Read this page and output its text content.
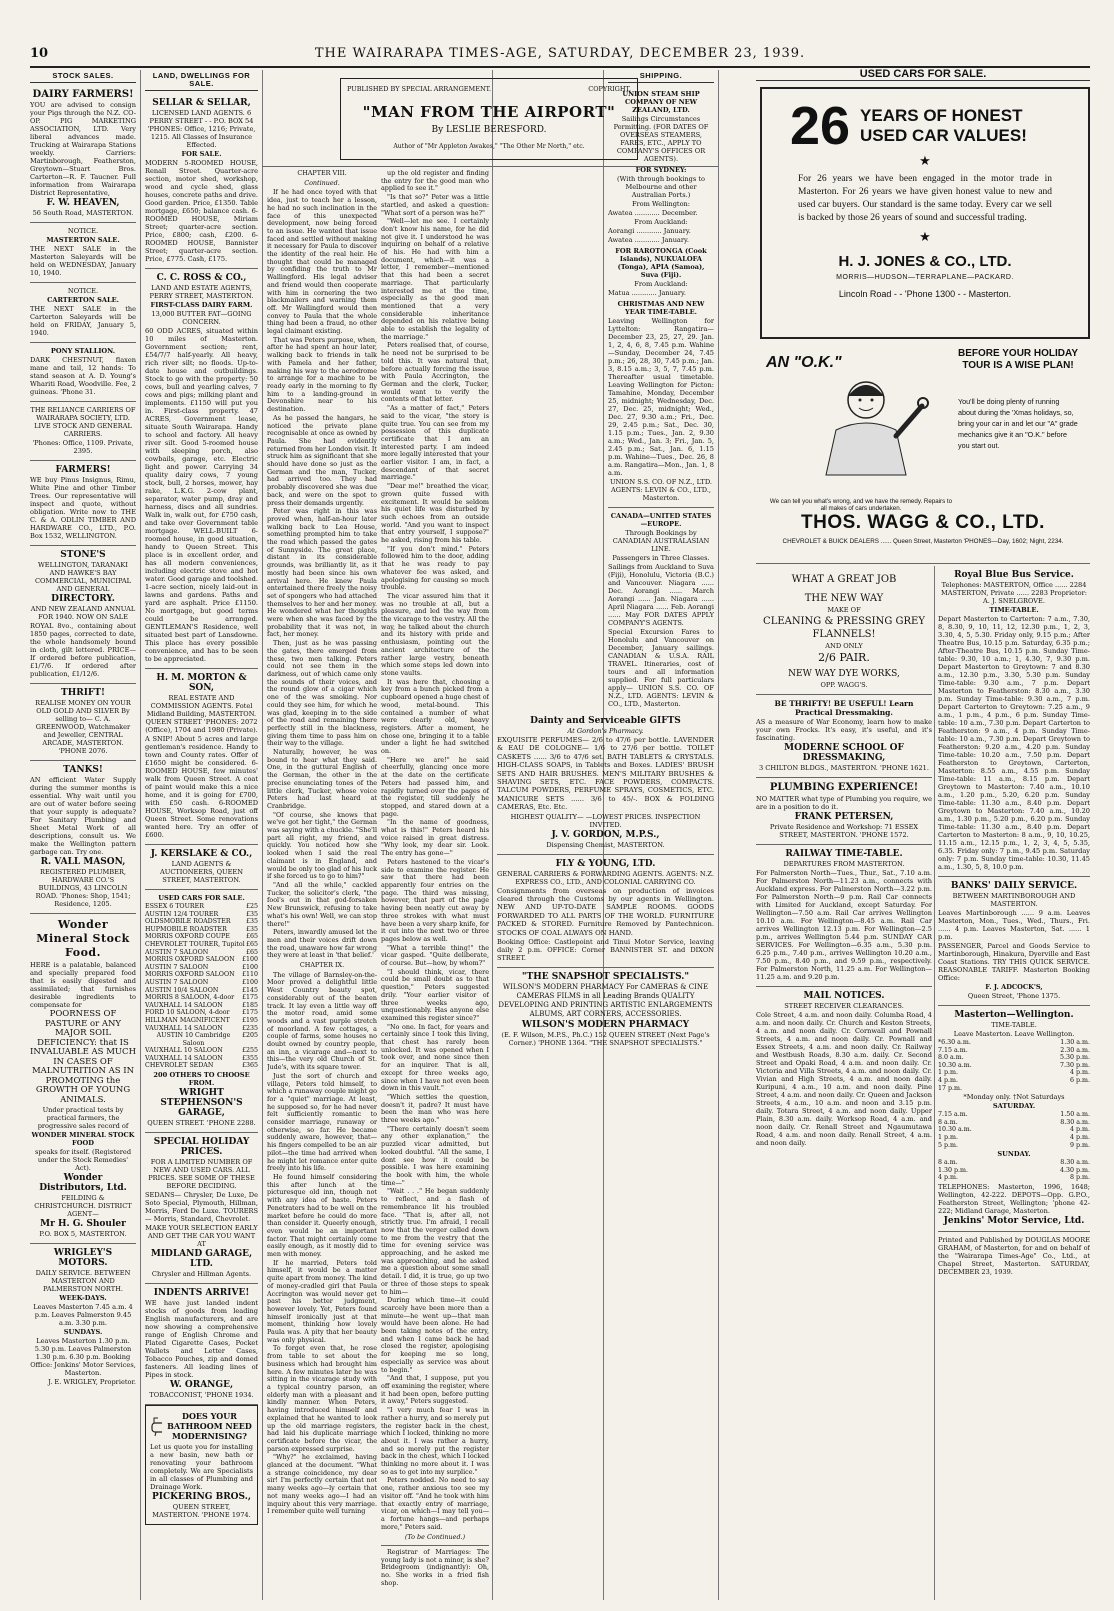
10	THE WAIRARAPA TIMES-AGE, SATURDAY, DECEMBER 23, 1939.
STOCK SALES.

DAIRY FARMERS!

YOU are advised to consign your Pigs through the N.Z. CO-OP. PIG MARKETING ASSOCIATION, LTD. Very liberal advances made. Trucking at Wairarapa Stations weekly. Carriers: Martinborough, Featherston, Greytown—Stuart Bros. Carterton—R. F. Taucner. Full information from Wairarapa District Representative,

F. W. HEAVEN,

56 South Road, MASTERTON.

NOTICE.

MASTERTON SALE.

THE NEXT SALE in the Masterton Saleyards will be held on WEDNESDAY, January 10, 1940.

NOTICE.

CARTERTON SALE.

THE NEXT SALE in the Carterton Saleyards will be held on FRIDAY, January 5, 1940.

PONY STALLION.

DARK CHESTNUT, flaxen mane and tail, 12 hands: To stand season at A. D. Young's Whariti Road, Woodville. Fee, 2 guineas. 'Phone 31.

THE RELIANCE CARRIERS OF WAIRARAPA SOCIETY, LTD. LIVE STOCK AND GENERAL CARRIERS.

'Phones: Office, 1109. Private, 2395.

FARMERS!

WE buy Pinus Insignus, Rimu, White Pine and other Timber Trees. Our representative will inspect and quote, without obligation. Write now to THE C. & A. ODLIN TIMBER AND HARDWARE CO., LTD., P.O. Box 1532, WELLINGTON.

STONE'S

WELLINGTON, TARANAKI AND HAWKE'S BAY COMMERCIAL, MUNICIPAL AND GENERAL

DIRECTORY.

AND NEW ZEALAND ANNUAL FOR 1940. NOW ON SALE

ROYAL 8vo., containing about 1850 pages, corrected to date, the whole handsomely bound in cloth, gilt lettered. PRICE— If ordered before publication, £1/7/6. If ordered after publication, £1/12/6.

THRIFT!

REALISE MONEY ON YOUR OLD GOLD AND SILVER By selling to— C. A. GREENWOOD, Watchmaker and Jeweller, CENTRAL ARCADE, MASTERTON. 'PHONE 2076.

TANKS!

AN efficient Water Supply during the summer months is essential. Why wait until you are out of water before seeing that your supply is adequate? For Sanitary Plumbing and Sheet Metal Work of all descriptions, consult us. We make the Wellington pattern garbage can. Try one.

R. VALL MASON,

REGISTERED PLUMBER, HARDWARE CO.'S BUILDINGS, 43 LINCOLN ROAD. 'Phones: Shop, 1541; Residence, 1205.

Wonder Mineral Stock Food.

HERE is a palatable, balanced and specially prepared food that is easily digested and assimilated; that furnishes desirable ingredients to compensate for

POORNESS OF PASTURE or ANY MAJOR SOIL DEFICIENCY: that IS INVALUABLE AS MUCH IN CASES OF MALNUTRITION AS IN PROMOTING the GROWTH OF YOUNG ANIMALS.

Under practical tests by practical farmers, the progressive sales record of

WONDER MINERAL STOCK FOOD

speaks for itself. (Registered under the Stock Remedies' Act).

Wonder Distributors, Ltd.

FEILDING & CHRISTCHURCH. DISTRICT AGENT—

Mr H. G. Shouler

P.O. BOX 5, MASTERTON.

WRIGLEY'S MOTORS.

DAILY SERVICE. BETWEEN MASTERTON AND PALMERSTON NORTH.

WEEK-DAYS.

Leaves Masterton 7.45 a.m. 4 p.m. Leaves Palmerston 9.45 a.m. 3.30 p.m.

SUNDAYS.

Leaves Masterton 1.30 p.m. 5.30 p.m. Leaves Palmerston 1.30 p.m. 6.30 p.m. Booking Office: Jenkins' Motor Services, Masterton.

J. E. WRIGLEY, Proprietor.

LAND, DWELLINGS FOR SALE.

SELLAR & SELLAR,

LICENSED LAND AGENTS. 6 PERRY STREET - - P.O. BOX 54 'PHONES: Office, 1216; Private, 1215. All Classes of Insurance Effected.

FOR SALE.

MODERN 5-ROOMED HOUSE, Renall Street. Quarter-acre section, motor shed, workshop, wood and cycle shed, glass houses, concrete paths and drive. Good garden. Price, £1350. Table mortgage, £650; balance cash. 6-ROOMED HOUSE, Miriam Street; quarter-acre section. Price, £800; cash, £200. 6-ROOMED HOUSE, Bannister Street; quarter-acre section. Price, £775. Cash, £175.

C. C. ROSS & CO.,

LAND AND ESTATE AGENTS, PERRY STREET, MASTERTON.

FIRST-CLASS DAIRY FARM.

13,000 BUTTER FAT—GOING CONCERN.

60 ODD ACRES, situated within 10 miles of Masterton. Government section; rent, £54/7/7 half-yearly. All heavy, rich river silt; no floods. Up-to-date house and outbuildings. Stock to go with the property: 50 cows, bull and yearling calves, 7 cows and pigs; milking plant and implements. £1150 will put you in. First-class property. 47 ACRES, Government lease, situate South Wairarapa. Handy to school and factory. All heavy river silt. Good 5-roomed house with sleeping porch, also cowbails, garage, etc. Electric light and power. Carrying 34 quality dairy cows, 7 young stock, bull, 2 horses, mower, hay rake, L.K.G. 2-cow plant, separator, water pump, dray and harness, discs and all sundries. Walk in, walk out, for £750 cash, and take over Government table mortgage. WELL-BUILT 6-roomed house, in good situation, handy to Queen Street. This place is in excellent order, and has all modern conveniences, including electric stove and hot water. Good garage and toolshed. 1-acre section, nicely laid-out in lawns and gardens. Paths and yard are asphalt. Price £1150. No mortgage, but good terms could be arranged. GENTLEMAN'S Residence, well situated best part of Lansdowne. This place has every possible convenience, and has to be seen to be appreciated.

H. M. MORTON & SON,

REAL ESTATE AND COMMISSION AGENTS. Fotel Midland Building, MASTERTON. QUEEN STREET 'PHONES: 2072 (Office), 1704 and 1980 (Private).

A SNIP! About 5 acres and large gentleman's residence. Handy to town and County rates. Offer of £1650 might be considered. 6-ROOMED HOUSE, few minutes' walk from Queen Street. A coat of paint would make this a nice home, and it is going for £700, with £50 cash. 6-ROOMED HOUSE, Worksop Road, just off Queen Street. Some renovations wanted here. Try an offer of £600.

J. KERSLAKE & CO.,

LAND AGENTS & AUCTIONEERS, QUEEN STREET, MASTERTON.

USED CARS FOR SALE.

ESSEX 6 TOURER	£25
AUSTIN 12/4 TOURER	£35
OLDSMOBILE ROADSTER £35
HUPMOBILE ROADSTER	£35
MORRIS OXFORD COUPE	£65
CHEVROLET TOURER, Tupitol £65
AUSTIN 7 SALOON	£65
MORRIS OXFORD SALOON £100
AUSTIN 7 SALOON	£100
MORRIS OXFORD SALOON £110
AUSTIN 7 SALOON	£100
AUSTIN 10/4 SALOON	£145
MORRIS 8 SALOON, 4-door £175
VAUXHALL 14 SALOON	£185
FORD 10 SALOON, 4-door £175
HILLMAN MAGNIFICENT £195
VAUXHALL 14 SALOON	£235
AUSTIN 10 Cambridge Saloon
£205
VAUXHALL 10 SALOON	£255
VAUXHALL 14 SALOON	£355
CHEVROLET SEDAN	£365

200 OTHERS TO CHOOSE FROM.

WRIGHT STEPHENSON'S GARAGE,

QUEEN STREET. 'PHONE 2288.

SPECIAL HOLIDAY PRICES.

FOR A LIMITED NUMBER OF NEW AND USED CARS. ALL PRICES. SEE SOME OF THESE BEFORE DECIDING.

SEDANS— Chrysler, De Luxe, De Soto Special, Plymouth, Hillman, Morris, Ford De Luxe. TOURERS— Morris, Standard, Chevrolet.

MAKE YOUR SELECTION EARLY AND GET THE CAR YOU WANT AT

MIDLAND GARAGE, LTD.

Chrysler and Hillman Agents.

INDENTS ARRIVE!

WE have just landed indent stocks of goods from leading English manufacturers, and are now showing a comprehensive range of English Chrome and Plated Cigarette Cases, Pocket Wallets and Letter Cases, Tobacco Pouches, zip and domed fasteners. All leading lines of Pipes in stock.

W. ORANGE,

TOBACCONIST, 'PHONE 1934.

DOES YOUR BATHROOM NEED MODERNISING?

Let us quote you for installing a new basin, new bath or renovating your bathroom completely. We are Specialists in all classes of Plumbing and Drainage Work.

PICKERING BROS.,

QUEEN STREET, MASTERTON. 'PHONE 1974.

PUBLISHED BY SPECIAL ARRANGEMENT.	COPYRIGHT.
"MAN FROM THE AIRPORT"
By LESLIE BERESFORD.
Author of "Mr Appleton Awakes," "The Other Mr North," etc.
CHAPTER VIII.
Continued.

If he had once toyed with that idea, just to teach her a lesson, he had no such inclination in the face of this unexpected development, now being forced to an issue. He wanted that issue faced and settled without making it necessary for Paula to discover the identity of the real heir. He thought that could be managed by confiding the truth to Mr Wallingford. His legal adviser and friend would then cooperate with him in cornering the two blackmailers and warning them off. Mr Wallingford would then convey to Paula that the whole thing had been a fraud, no other legal claimant existing.

That was Peters purpose, when, after he had spent an hour later, walking back to friends in talk with Pamela and her father, making his way to the aerodrome to arrange for a machine to be ready early in the morning to fly him to a landing-ground in Devonshire near to his destination.

As he passed the hangars, he noticed the private plane recognisable at once as owned by Paula. She had evidently returned from her London visit. It struck him as significant that she should have done so just as the German and the man, Tucker, had arrived too. They had probably discovered she was due back, and were on the spot to press their demands urgently.

Peter was right in this was proved when, half-an-hour later walking back to Lea House, something prompted him to take the road which passed the gates of Sunnyside. The great place, distant in its considerable grounds, was brilliantly lit, as it mostly had been since his own arrival here. He knew Paula entertained there freely the noisy set of spongers who had attached themselves to her and her money. He wondered what her thoughts were when she was faced by the probability that it was not, in fact, her money.

Then, just as he was passing the gates, there emerged from these, two men talking. Peters could not see them in the darkness, out of which came only the sounds of their voices, and the round glow of a cigar which one of the was smoking. Nor could they see him, for which he was glad, keeping in to the side of the road and remaining there perfectly still in the blackness, giving them time to pass him on their way to the village.

Naturally, however, he was bound to hear what they said. One, in the guttural English of the German, the other in the precise enunciating tones of the little clerk, Tucker, whose voice Peters had last heard at Cranbridge.

"Of course, she knows that we've got her tight," the German was saying with a chuckle. "She'll part all right, my friend, and quickly. You noticed how she looked when I said the real claimant is in England, and would be only too glad of his luck if she forced us to go to him?"

"And all the while," cackled Tucker, the solicitor's clerk, "the fool's out in that god-forsaken New Brunswick, refusing to take what's his own! Well, we can stop there!"

Peters, inwardly amused let the men and their voices drift down the road, unaware how far wrong they were at least in 'that belief.'

CHAPTER IX.

The village of Barnsley-on-the-Moor proved a delightful little West Country beauty spot, considerably out of the beaten track. It lay even a little way off the motor road, amid some woods and a vast purple stretch of moorland. A few cottages, a couple of farms, some houses no doubt owned by country people, an inn, a vicarage and—next to this—the very old Church of St. Jude's, with its square tower.

Just the sort of church and village, Peters told himself, to which a runaway couple might go for a "quiet" marriage. At least, he supposed so, for he had never felt sufficiently romantic to consider marriage, runaway or otherwise, so far. He became suddenly aware, however, that—his fingers compelled to be an air pilot—the time had arrived when he might let romance enter quite freely into his life.

He found himself considering this after lunch at the picturesque old inn, though not with any idea of haste. Peters Penetraters had to be well on the market before he could do more than consider it. Queerly enough, even would be an important factor. That might certainly come easily enough, as it mostly did to men with money.

If he married, Peters told himself, it would be a matter quite apart from money. The kind of money-cradled girl that Paula Accrington was would never get past his better judgment, however lovely. Yet, Peters found himself ironically just at that moment, thinking how lovely Paula was. A pity that her beauty was only physical.

To forget even that, he rose from table to set about the business which had brought him here. A few minutes later he was sitting in the vicarage study with a typical country parson, an elderly man with a pleasant and kindly manner. When Peters, having introduced himself and explained that he wanted to look up the old marriage registers, had laid his duplicate marriage certificate before the vicar, the parson expressed surprise.

"Why?" he exclaimed, having glanced at the document. "What a strange coincidence, my dear sir! I'm perfectly certain that not many weeks ago—ly certain that not many weeks ago—I had an inquiry about this very marriage. I remember quite well turning

up the old register and finding the entry for the good man who applied to see it."

"Is that so?" Peter was a little startled, and asked a question: "What sort of a person was he?"

"Well—let me see. I certainly don't know his name, for he did not give it. I understood he was inquiring on behalf of a relative of his. He had with him a document, which—it was a letter, I remember—mentioned that this had been a secret marriage. That particularly interested me at the time, especially as the good man mentioned that a very considerable inheritance depended on his relative being able to establish the legality of the marriage."

Peters realised that, of course, he need not be surprised to be told this. It was natural that, before actually forcing the issue with Paula Accrington, the German and the clerk, Tucker, would want to verify the contents of that letter.

"As a matter of fact," Peters said to the vicar, "the story is quite true. You can see from my possession of this duplicate certificate that I am an interested party. I am indeed more legally interested that your earlier visitor. I am, in fact, a descendant of that secret marriage."

"Dear me!" breathed the vicar, grown quite fussed with excitement. It would be seldom his quiet life was disturbed by such echoes from an outside world. "And you want to inspect that entry yourself, I suppose?" he asked, rising from his table.

"If you don't mind." Peters followed him to the door, adding that he was ready to pay whatever fee was asked, and apologising for causing so much trouble.

The vicar assured him that it was no trouble at all, but a pleasure, and led the way from the vicarage to the vestry. All the way, he talked about the church and its history with pride and enthusiasm, pointing out the ancient architecture of the rather large vestry, beneath which some steps led down into stone vaults.

It was here that, choosing a key from a bunch picked from a cupboard opened a huge chest of wood, metal-bound. This contained a number of what were clearly old, heavy registers. After a moment, he chose one, bringing it to a table under a light he had switched on.

"Here we are!" he said cheerfully, glancing once more at the date on the certificate Peters had passed him, and rapidly turned over the pages of the register, till suddenly he stopped, and stared down at a page.

"In the name of goodness, what is this!" Peters heard his voice raised in great distress. "Why look, my dear sir. Look. The entry has gone—"

Peters hastened to the vicar's side to examine the register. He saw that there had been apparently four entries on the page. The third was missing, however, that part of the page having been neatly cut away by three strokes with what must have been a very sharp knife, for it cut into the next two or three pages below as well.

"What a terrible thing!" the vicar gasped. "Quite deliberate, of course. But—how, by whom?"

"I should think, vicar, there could be small doubt as to that question," Peters suggested drily. "Your earlier visitor of three weeks ago, unquestionably. Has anyone else examined this register since?"

"No one. In fact, for years and certainly since I took this living, that chest has rarely been unlocked. It was opened when I took over, and none since then for an inquirer. That is all, except for three weeks ago, since when I have not even been down in this vault."

"Which settles the question, doesn't it, padre? It must have been the man who was here three weeks ago."

"There certainly doesn't seem any other explanation," the puzzled vicar admitted, but looked doubtful. "All the same, I dont see how it could be possible. I was here examining the book with him, the whole time—"

"Wait . . ." He began suddenly to reflect, and a flash of remembrance lit his troubled face. "That is, after all, not strictly true. I'm afraid, I recall now that the verger called down to me from the vestry that the time for evening service was approaching, and he asked me was approaching, and he asked me a question about some small detail. I did, it is true, go up two or three of those steps to speak to him—

During which time—it could scarcely have been more than a minute—he went up—that man would have been alone. He had been taking notes of the entry, and when I came back he had closed the register, apologising for keeping me so long, especially as service was about to begin."

"And that, I suppose, put you off examining the register, where it had been open, before putting it away," Peters suggested.

"I very much fear I was in rather a hurry, and so merely put the register back in the chest, which I locked, thinking no more about it. I was rather a hurry, and so merely put the register back in the chest, which I locked thinking no more about it. I was so as to get into my surplice."

Peters nodded. No need to say one, rather anxious too see my visitor off. "And he took with him that exactly entry of marriage, vicar, on which—I may tell you—a fortune hangs—and perhaps more," Peters said.

(To be Continued.)

Registrar of Marriages: The young lady is not a minor, is she? Bridegroom (indignantly): Oh, no. She works in a fried fish shop.

SHIPPING.

UNION STEAM SHIP COMPANY OF NEW ZEALAND, LTD.

Sailings Circumstances Permitting. (FOR DATES OF OVERSEAS STEAMERS, FARES, ETC., APPLY TO COMPANY'S OFFICES OR AGENTS).

FOR SYDNEY:

(With through bookings to Melbourne and other Australian Ports.)

From Wellington:

Awatea ............ December.

From Auckland:

Aorangi ............ January.

Awatea ............ January.

FOR RAROTONGA (Cook Islands), NUKUALOFA (Tonga), APIA (Samoa), Suva (Fiji).

From Auckland:

Matua ............ January.

CHRISTMAS AND NEW YEAR TIME-TABLE.

Leaving Wellington for Lyttelton: Rangatira—December 23, 25, 27, 29. Jan. 1, 2, 4, 6, 8, 7.45 p.m. Wahine—Sunday, December 24, 7.45 p.m.; 26, 28, 30, 7.45 p.m.; Jan. 3, 8.15 a.m.; 3, 5, 7, 7.45 p.m. Thereafter usual timetable. Leaving Wellington for Picton: Tamahine, Monday, December 25, midnight; Wednesday, Dec. 27, Dec. 25, midnight; Wed., Dec. 27, 9.30 a.m.; Fri., Dec. 29, 2.45 p.m.; Sat., Dec. 30, 1.15 p.m.; Tues., Jan. 2, 9.30 a.m.; Wed., Jan. 3; Fri., Jan. 5, 2.45 p.m.; Sat., Jan. 6, 1.15 p.m. Wahine—Tues., Dec. 26, 8 a.m. Rangatira—Mon., Jan. 1, 8 a.m.

UNION S.S. CO. OF N.Z., LTD. AGENTS: LEVIN & CO., LTD., Masterton.

CANADA—UNITED STATES—EUROPE.

Through Bookings by CANADIAN AUSTRALASIAN LINE.

Passengers in Three Classes.

Sailings from Auckland to Suva (Fiji), Honolulu, Victoria (B.C.) and Vancouver. Niagara ...... Dec. Aorangi ...... March Aorangi ...... Jan. Niagara ...... April Niagara ...... Feb. Aorangi ...... May FOR DATES APPLY COMPANY'S AGENTS.

Special Excursion Fares to Honolulu and Vancouver on December, January sailings. CANADIAN & U.S.A. RAIL TRAVEL. Itineraries, cost of tours and all information supplied. For full particulars apply— UNION S.S. CO. OF N.Z., LTD. AGENTS: LEVIN & CO., LTD., Masterton.

Dainty and Serviceable GIFTS

At Gordon's Pharmacy.

EXQUISITE PERFUMES— 2/6 to 47/6 per bottle. LAVENDER & EAU DE COLOGNE— 1/6 to 27/6 per bottle. TOILET CASKETS ...... 3/6 to 47/6 set. BATH TABLETS & CRYSTALS. HIGH-CLASS SOAPS, in Tablets and Boxes. LADIES' BRUSH SETS AND HAIR BRUSHES. MEN'S MILITARY BRUSHES & SHAVING SETS, ETC. FACE POWDERS, COMPACTS. TALCUM POWDERS, PERFUME SPRAYS, COSMETICS, ETC. MANICURE SETS ...... 3/6 to 45/-. BOX & FOLDING CAMERAS, Etc. Etc.

HIGHEST QUALITY— —LOWEST PRICES. INSPECTION INVITED.

J. V. GORDON, M.P.S.,

Dispensing Chemist, MASTERTON.

FLY & YOUNG, LTD.

GENERAL CARRIERS & FORWARDING AGENTS. AGENTS: N.Z. EXPRESS CO., LTD., AND COLONIAL CARRYING CO.

Consignments from overseas on production of invoices cleared through the Customs by our agents in Wellington. NEW AND UP-TO-DATE SAMPLE ROOMS. GOODS FORWARDED TO ALL PARTS OF THE WORLD. FURNITURE PACKED & STORED. Furniture Removed by Pantechnicon. STOCKS OF COAL ALWAYS ON HAND.

Booking Office: Castlepoint and Tinui Motor Service, leaving daily 2 p.m. OFFICE: Corner BANNISTER ST. and DIXON STREET.

"THE SNAPSHOT SPECIALISTS."

WILSON'S MODERN PHARMACY For CAMERAS & CINE CAMERAS FILMS in all Leading Brands QUALITY DEVELOPING AND PRINTING ARTISTIC ENLARGEMENTS ALBUMS, ART CORNERS, ACCESSORIES.

WILSON'S MODERN PHARMACY

(E. F. Wilson, M.P.S., Ph.C.) 152 QUEEN STREET (Next Page's Corner.) 'PHONE 1364. "THE SNAPSHOT SPECIALISTS."

USED CARS FOR SALE.
26 YEARS OF HONEST USED CAR VALUES!
★
For 26 years we have been engaged in the motor trade in Masterton. For 26 years we have given honest value to new and used car buyers. Our standard is the same today. Every car we sell is backed by those 26 years of sound and successful trading.
★
H. J. JONES & CO., LTD.
MORRIS—HUDSON—TERRAPLANE—PACKARD.
Lincoln Road - - 'Phone 1300 - - Masterton.
AN "O.K."
BEFORE YOUR HOLIDAY TOUR IS A WISE PLAN!
You'll be doing plenty of running about during the 'Xmas holidays, so, bring your car in and let our "A" grade mechanics give it an "O.K." before you start out.
We can tell you what's wrong, and we have the remedy. Repairs to all makes of cars undertaken.
THOS. WAGG & CO., LTD.
CHEVROLET & BUICK DEALERS ...... Queen Street, Masterton 'PHONES—Day, 1602; Night, 2234.

WHAT A GREAT JOB

THE NEW WAY

MAKE OF

CLEANING & PRESSING GREY FLANNELS!

AND ONLY

2/6 PAIR.

NEW WAY DYE WORKS,

OPP. WAGG'S.

BE THRIFTY! BE USEFUL! Learn Practical Dressmaking.

AS a measure of War Economy, learn how to make your own Frocks. It's easy, it's useful, and it's fascinating.

MODERNE SCHOOL OF DRESSMAKING,

3 CHILTON BLDGS., MASTERTON. 'PHONE 1621.

PLUMBING EXPERIENCE!

NO MATTER what type of Plumbing you require, we are in a position to do it.

FRANK PETERSEN,

Private Residence and Workshop: 71 ESSEX STREET, MASTERTON. 'PHONE 1572.

RAILWAY TIME-TABLE.

DEPARTURES FROM MASTERTON.

For Palmerston North—Tues., Thur., Sat., 7.10 a.m. For Palmerston North—11.23 a.m., connects with Auckland express. For Palmerston North—3.22 p.m. For Palmerston North—9 p.m. Rail Car connects with Limited for Auckland, except Saturday. For Wellington—7.50 a.m. Rail Car arrives Wellington 10.10 a.m. For Wellington—8.45 a.m. Rail Car arrives Wellington 12.13 p.m. For Wellington—2.5 p.m., arrives Wellington 5.44 p.m. SUNDAY CAR SERVICES. For Wellington—6.35 a.m., 5.30 p.m. 6.25 p.m., 7.40 p.m., arrives Wellington 10.20 a.m., 7.50 p.m., 8.40 p.m., and 9.59 p.m., respectively. For Palmerston North, 11.25 a.m. For Wellington—11.25 a.m. and 9.20 p.m.

MAIL NOTICES.

STREET RECEIVER CLEARANCES.

Cole Street, 4 a.m. and noon daily. Columba Road, 4 a.m. and noon daily. Cr. Church and Keston Streets, 4 a.m. and noon daily. Cr. Cornwall and Pownall Streets, 4 a.m. and noon daily. Cr. Pownall and Essex Streets, 4 a.m. and noon daily. Cr. Railway and Westbush Roads, 8.30 a.m. daily. Cr. Second Street and Opaki Road, 4 a.m. and noon daily. Cr. Victoria and Villa Streets, 4 a.m. and noon daily. Cr. Vivian and High Streets, 4 a.m. and noon daily. Kuripuni, 4 a.m., 10 a.m. and noon daily. Pine Street, 4 a.m. and noon daily. Cr. Queen and Jackson Streets, 4 a.m., 10 a.m. and noon and 3.15 p.m. daily. Totara Street, 4 a.m. and noon daily. Upper Plain, 8.30 a.m. daily. Worksop Road, 4 a.m. and noon daily. Cr. Renall Street and Ngaumutawa Road, 4 a.m. and noon daily. Renall Street, 4 a.m. and noon daily.

Royal Blue Bus Service.

Telephones: MASTERTON, Office ...... 2284 MASTERTON, Private ...... 2283 Proprietor: A. J. SNELGROVE.

TIME-TABLE.

Depart Masterton to Carterton: 7 a.m., 7.30, 8, 8.30, 9, 10, 11, 12, 12.30 p.m., 1, 2, 3, 3.30, 4, 5, 5.30. Friday only, 9.15 p.m.; After Theatre Bus, 10.15 p.m. Saturday, 6.35 p.m.; After-Theatre Bus, 10.15 p.m. Sunday Time-table: 9.30, 10 a.m.; 1, 4.30, 7, 9.30 p.m. Depart Masterton to Greytown: 7 and 8.30 a.m., 12.30 p.m., 3.30, 5.30 p.m. Sunday Time-table: 9.30 a.m., 7 p.m. Depart Masterton to Featherston: 8.30 a.m., 3.30 p.m. Sunday Time-table: 9.30 a.m., 7 p.m. Depart Carterton to Greytown: 7.25 a.m., 9 a.m., 1 p.m., 4 p.m., 6 p.m. Sunday Time-table: 10 a.m., 7.30 p.m. Depart Carterton to Featherston: 9 a.m., 4 p.m. Sunday Time-table: 10 a.m., 7.30 p.m. Depart Greytown to Featherston: 9.20 a.m., 4.20 p.m. Sunday Time-table: 10.20 a.m., 7.50 p.m. Depart Featherston to Greytown, Carterton, Masterton: 8.55 a.m., 4.55 p.m. Sunday Time-table: 11 a.m., 8.15 p.m. Depart Greytown to Masterton: 7.40 a.m., 10.10 a.m., 1.20 p.m., 5.20, 6.20 p.m. Sunday Time-table: 11.30 a.m., 8.40 p.m. Depart Greytown to Masterton: 7.40 a.m., 10.20 a.m., 1.30 p.m., 5.20 p.m., 6.20 p.m. Sunday Time-table: 11.30 a.m., 8.40 p.m. Depart Carterton to Masterton: 8 a.m., 9, 10, 10.25, 11.15 a.m., 12.15 p.m., 1, 2, 3, 4, 5, 5.35, 6.35. Friday only: 7 p.m., 9.45 p.m. Saturday only: 7 p.m. Sunday time-table: 10.30, 11.45 a.m., 1.30, 5, 8, 10.0 p.m.

BANKS' DAILY SERVICE.

BETWEEN MARTINBOROUGH AND MASTERTON.

Leaves Martinborough ...... 9 a.m. Leaves Masterton, Mon., Tues., Wed., Thurs., Fri. ...... 4 p.m. Leaves Masterton, Sat. ...... 1 p.m.

PASSENGER, Parcel and Goods Service to Martinborough, Hinakura, Dyerville and East Coast Stations. TRY THIS QUICK SERVICE. REASONABLE TARIFF. Masterton Booking Office:

F. J. ADCOCK'S,

Queen Street, 'Phone 1375.

Masterton—Wellington.

TIME-TABLE.

Leave Masterton. Leave Wellington.

*6.30 a.m.	1.30 a.m.
7.15 a.m.	2.30 a.m.
8.0 a.m.	5.30 p.m.
10.30 a.m.	7.30 p.m.
1 p.m.	4 p.m.
4 p.m.	6 p.m.
17 p.m.

*Monday only. †Not Saturdays

SATURDAY.

7.15 a.m.	1.50 a.m.
8 a.m.	8.30 a.m.
10.30 a.m.	4 p.m.
1 p.m.	4 p.m.
5 p.m.	9 p.m.

SUNDAY.

8 a.m.	8.30 a.m.
1.30 p.m.	4.30 p.m.
4 p.m.	8 p.m.

TELEPHONES: Masterton, 1996, 1648; Wellington, 42-222. DEPOTS—Opp. G.P.O., Featherston Street, Wellington; 'phone 42-222; Midland Garage, Masterton.

Jenkins' Motor Service, Ltd.

Printed and Published by DOUGLAS MOORE GRAHAM, of Masterton, for and on behalf of the "Wairarapa Times-Age" Co., Ltd., at Chapel Street, Masterton. SATURDAY, DECEMBER 23, 1939.
